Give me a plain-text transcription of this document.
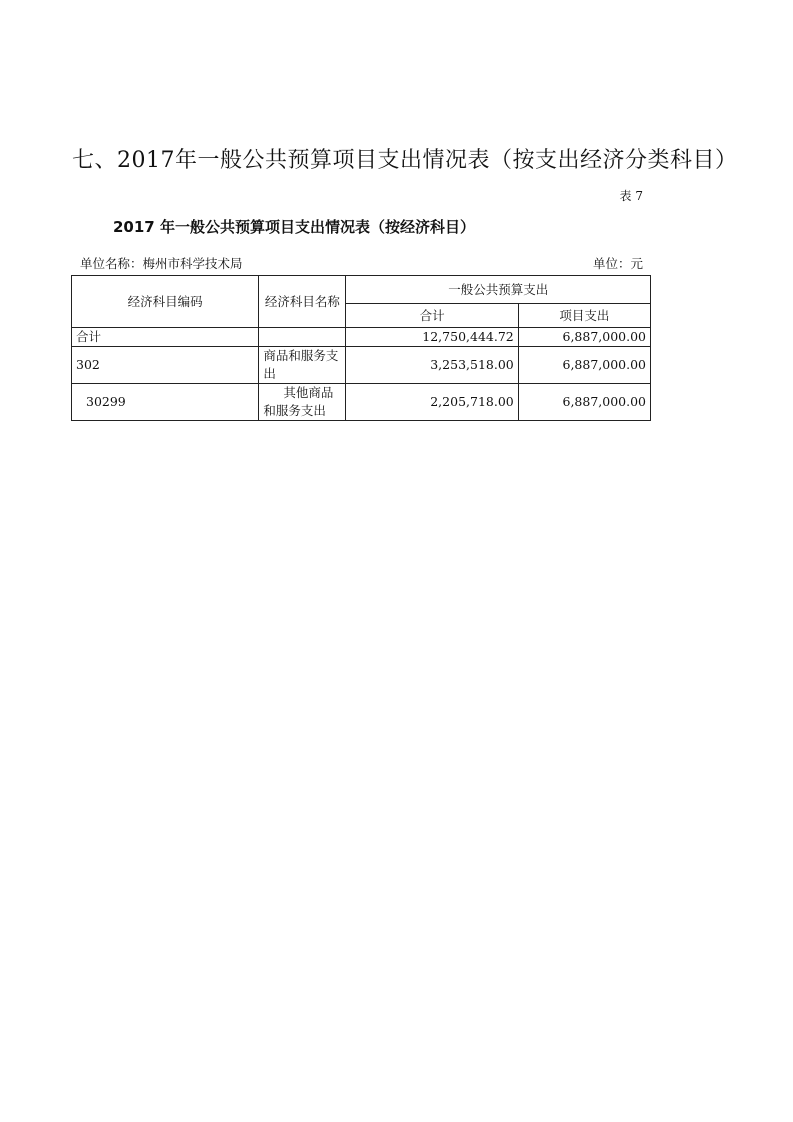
七、2017年一般公共预算项目支出情况表（按支出经济分类科目）
表 7
2017 年一般公共预算项目支出情况表（按经济科目）
单位名称：梅州市科学技术局	单位：元
经济科目编码	经济科目名称	一般公共预算支出	
		合计	项目支出
合计		12,750,444.72	6,887,000.00
302	商品和服务支出	3,253,518.00	6,887,000.00
30299	其他商品和服务支出	2,205,718.00	6,887,000.00
